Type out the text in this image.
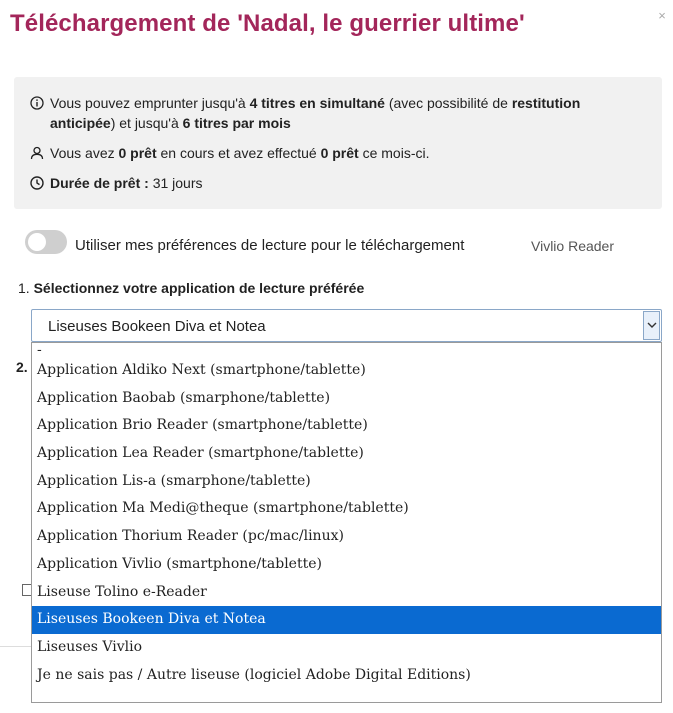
Téléchargement de 'Nadal, le guerrier ultime'	×
Vous pouvez emprunter jusqu'à 4 titres en simultané (avec possibilité de restitution anticipée) et jusqu'à 6 titres par mois
Vous avez 0 prêt en cours et avez effectué 0 prêt ce mois-ci.
Durée de prêt : 31 jours
Utiliser mes préférences de lecture pour le téléchargement	Vivlio Reader
1. Sélectionnez votre application de lecture préférée
2.
Liseuses Bookeen Diva et Notea
-
Application Aldiko Next (smartphone/tablette)
Application Baobab (smarphone/tablette)
Application Brio Reader (smartphone/tablette)
Application Lea Reader (smartphone/tablette)
Application Lis-a (smarphone/tablette)
Application Ma Medi@theque (smartphone/tablette)
Application Thorium Reader (pc/mac/linux)
Application Vivlio (smartphone/tablette)
Liseuse Tolino e-Reader
Liseuses Bookeen Diva et Notea
Liseuses Vivlio
Je ne sais pas / Autre liseuse (logiciel Adobe Digital Editions)
